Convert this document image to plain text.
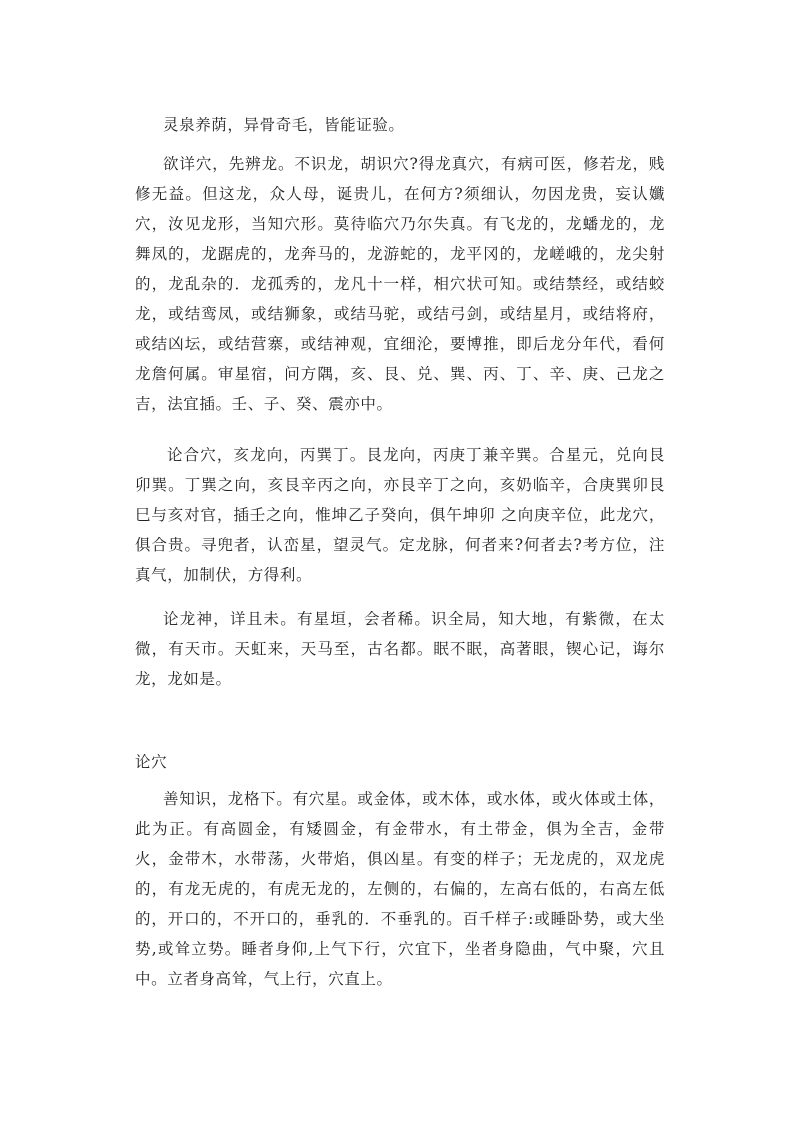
灵泉养荫，异骨奇毛，皆能证验。
欲详穴，先辨龙。不识龙，胡识穴?得龙真穴，有病可医，修若龙，贱修无益。但这龙，众人母，诞贵儿，在何方?须细认，勿因龙贵，妄认孅穴，汝见龙形，当知穴形。莫待临穴乃尔失真。有飞龙的，龙蟠龙的，龙舞凤的，龙踞虎的，龙奔马的，龙游蛇的，龙平冈的，龙嵯峨的，龙尖射的，龙乱杂的．龙孤秀的，龙凡十一样，相穴状可知。或结禁经，或结蛟龙，或结鸾凤，或结狮象，或结马驼，或结弓剑，或结星月，或结将府，或结凶坛，或结营寨，或结神观，宜细沦，要博推，即后龙分年代，看何龙詹何属。审星宿，问方隅，亥、艮、兑、巽、丙、丁、辛、庚、己龙之吉，法宜插。壬、子、癸、震亦中。
论合穴，亥龙向，丙巽丁。艮龙向，丙庚丁兼辛巽。合星元，兑向艮卯巽。丁巽之向，亥艮辛丙之向，亦艮辛丁之向，亥奶临辛，合庚巽卯艮巳与亥对官，插壬之向，惟坤乙子癸向，俱午坤卯 之向庚辛位，此龙穴，俱合贵。寻兜者，认峦星，望灵气。定龙脉，何者来?何者去?考方位，注真气，加制伏，方得利。
论龙神，详且未。有星垣，会者稀。识全局，知大地，有紫微，在太微，有天市。天虹来，天马至，古名都。眠不眠，高著眼，锲心记，诲尔龙，龙如是。
论穴
善知识，龙格下。有穴星。或金体，或木体，或水体，或火体或土体，此为正。有高圆金，有矮圆金，有金带水，有土带金，俱为全吉，金带火，金带木，水带荡，火带焰，俱凶星。有变的样子；无龙虎的，双龙虎的，有龙无虎的，有虎无龙的，左侧的，右偏的，左高右低的，右高左低的，开口的，不开口的，垂乳的．不垂乳的。百千样子:或睡卧势，或大坐势,或耸立势。睡者身仰,上气下行，穴宜下，坐者身隐曲，气中聚，穴且中。立者身高耸，气上行，穴直上。
